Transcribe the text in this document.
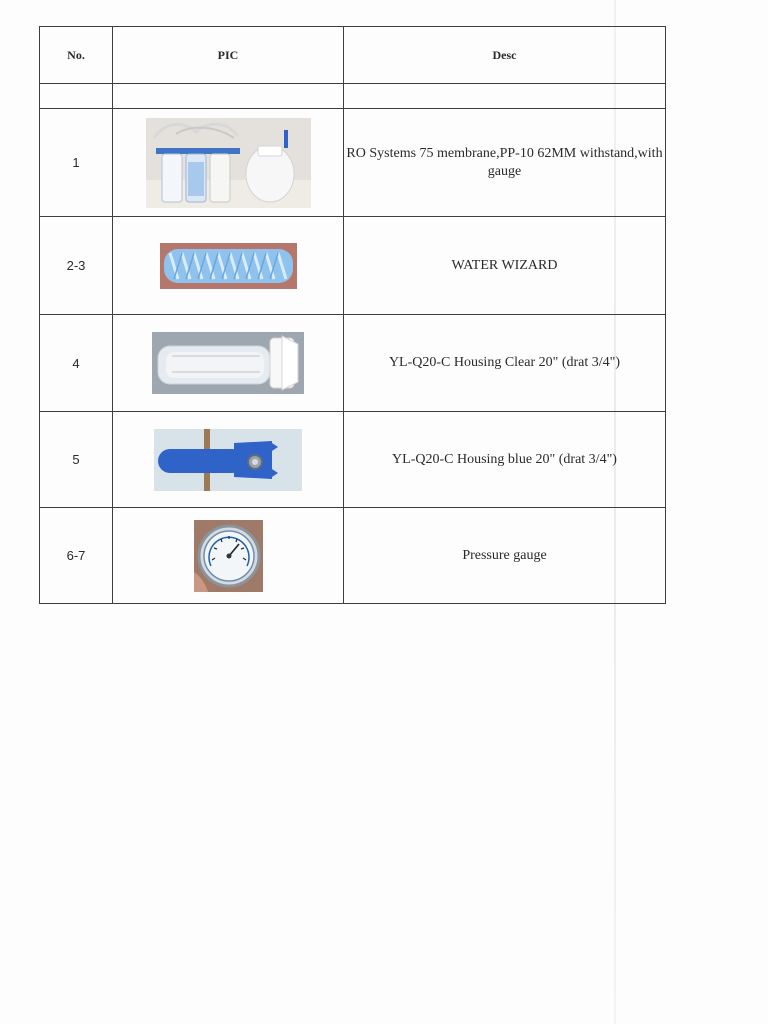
No.	PIC	Desc

1		RO Systems 75 membrane,PP-10 62MM withstand,with gauge
2-3		WATER WIZARD
4		YL-Q20-C Housing Clear 20" (drat 3/4")
5		YL-Q20-C Housing blue 20" (drat 3/4")
6-7		Pressure gauge
